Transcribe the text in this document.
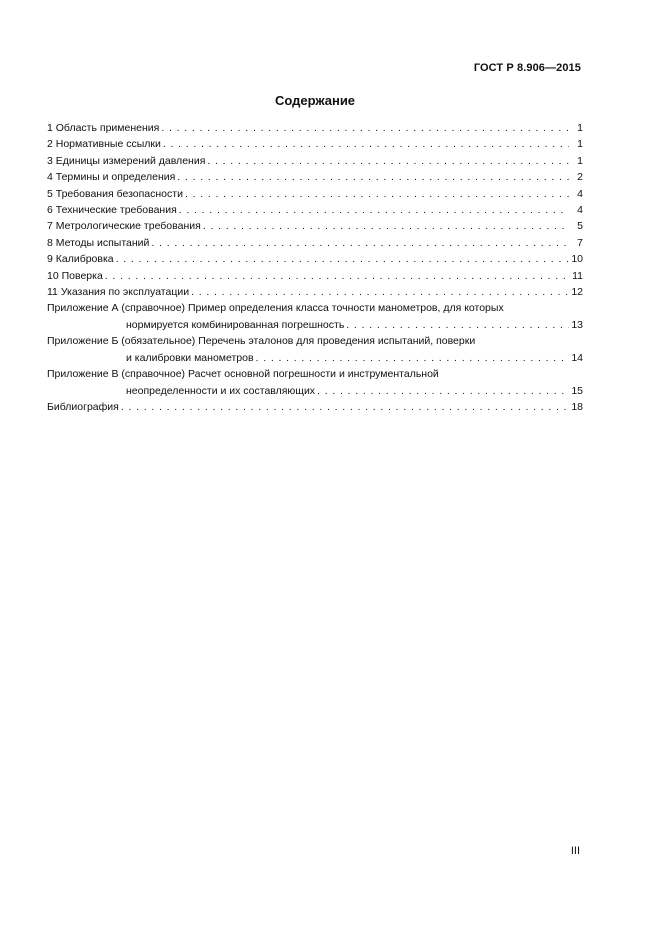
ГОСТ Р 8.906—2015
Содержание
1 Область применения . . .	1
2 Нормативные ссылки . . .	1
3 Единицы измерений давления . . .	1
4 Термины и определения . . .	2
5 Требования безопасности . . .	4
6 Технические требования . . .	4
7 Метрологические требования . . .	5
8 Методы испытаний . . .	7
9 Калибровка . . .	10
10 Поверка . . .	11
11 Указания по эксплуатации . . .	12
Приложение А (справочное) Пример определения класса точности манометров, для которых
нормируется комбинированная погрешность . . .	13
Приложение Б (обязательное) Перечень эталонов для проведения испытаний, поверки
и калибровки манометров . . .	14
Приложение В (справочное) Расчет основной погрешности и инструментальной
неопределенности и их составляющих . . .	15
Библиография . . .	18
III
